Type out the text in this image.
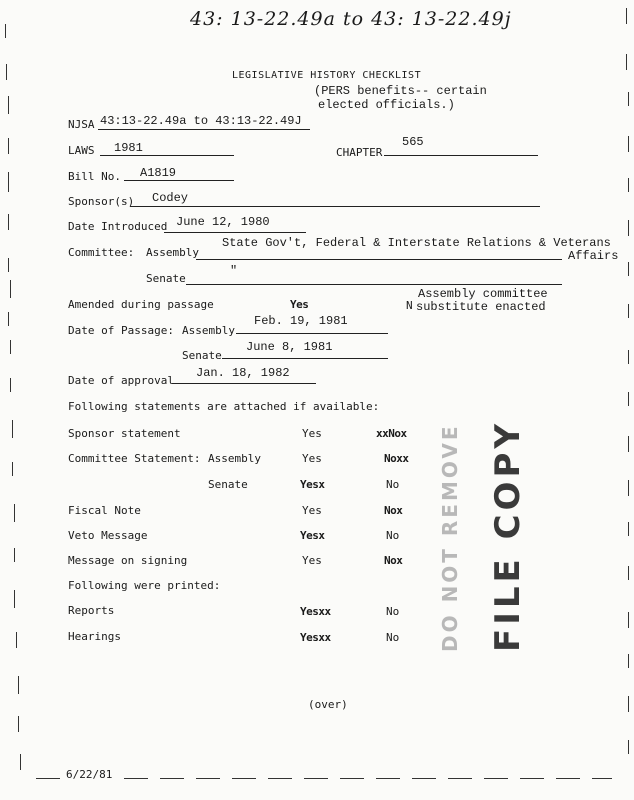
43: 13-22.49a to 43: 13-22.49j
LEGISLATIVE HISTORY CHECKLIST
(PERS benefits-- certain
elected officials.)
NJSA 43:13-22.49a to 43:13-22.49J
LAWS 1981	CHAPTER
565
Bill No. A1819
Sponsor(s) Codey
Date Introduced June 12, 1980
Committee: Assembly
State Gov't, Federal & Interstate Relations & Veterans
Affairs
Senate
"
Amended during passage	Yes	N
Assembly committee
substitute enacted
Date of Passage: Assembly
Feb. 19, 1981
Senate
June 8, 1981
Date of approval
Jan. 18, 1982
Following statements are attached if available:
Sponsor statement	Yes	xxNox
Committee Statement: Assembly	Yes	Noxx
Senate	Yesx	No
Fiscal Note	Yes	Nox
Veto Message	Yesx	No
Message on signing	Yes	Nox
Following were printed:
Reports	Yesxx	No
Hearings	Yesxx	No DO NOT REMOVE FILE COPY
(over)
6/22/81
